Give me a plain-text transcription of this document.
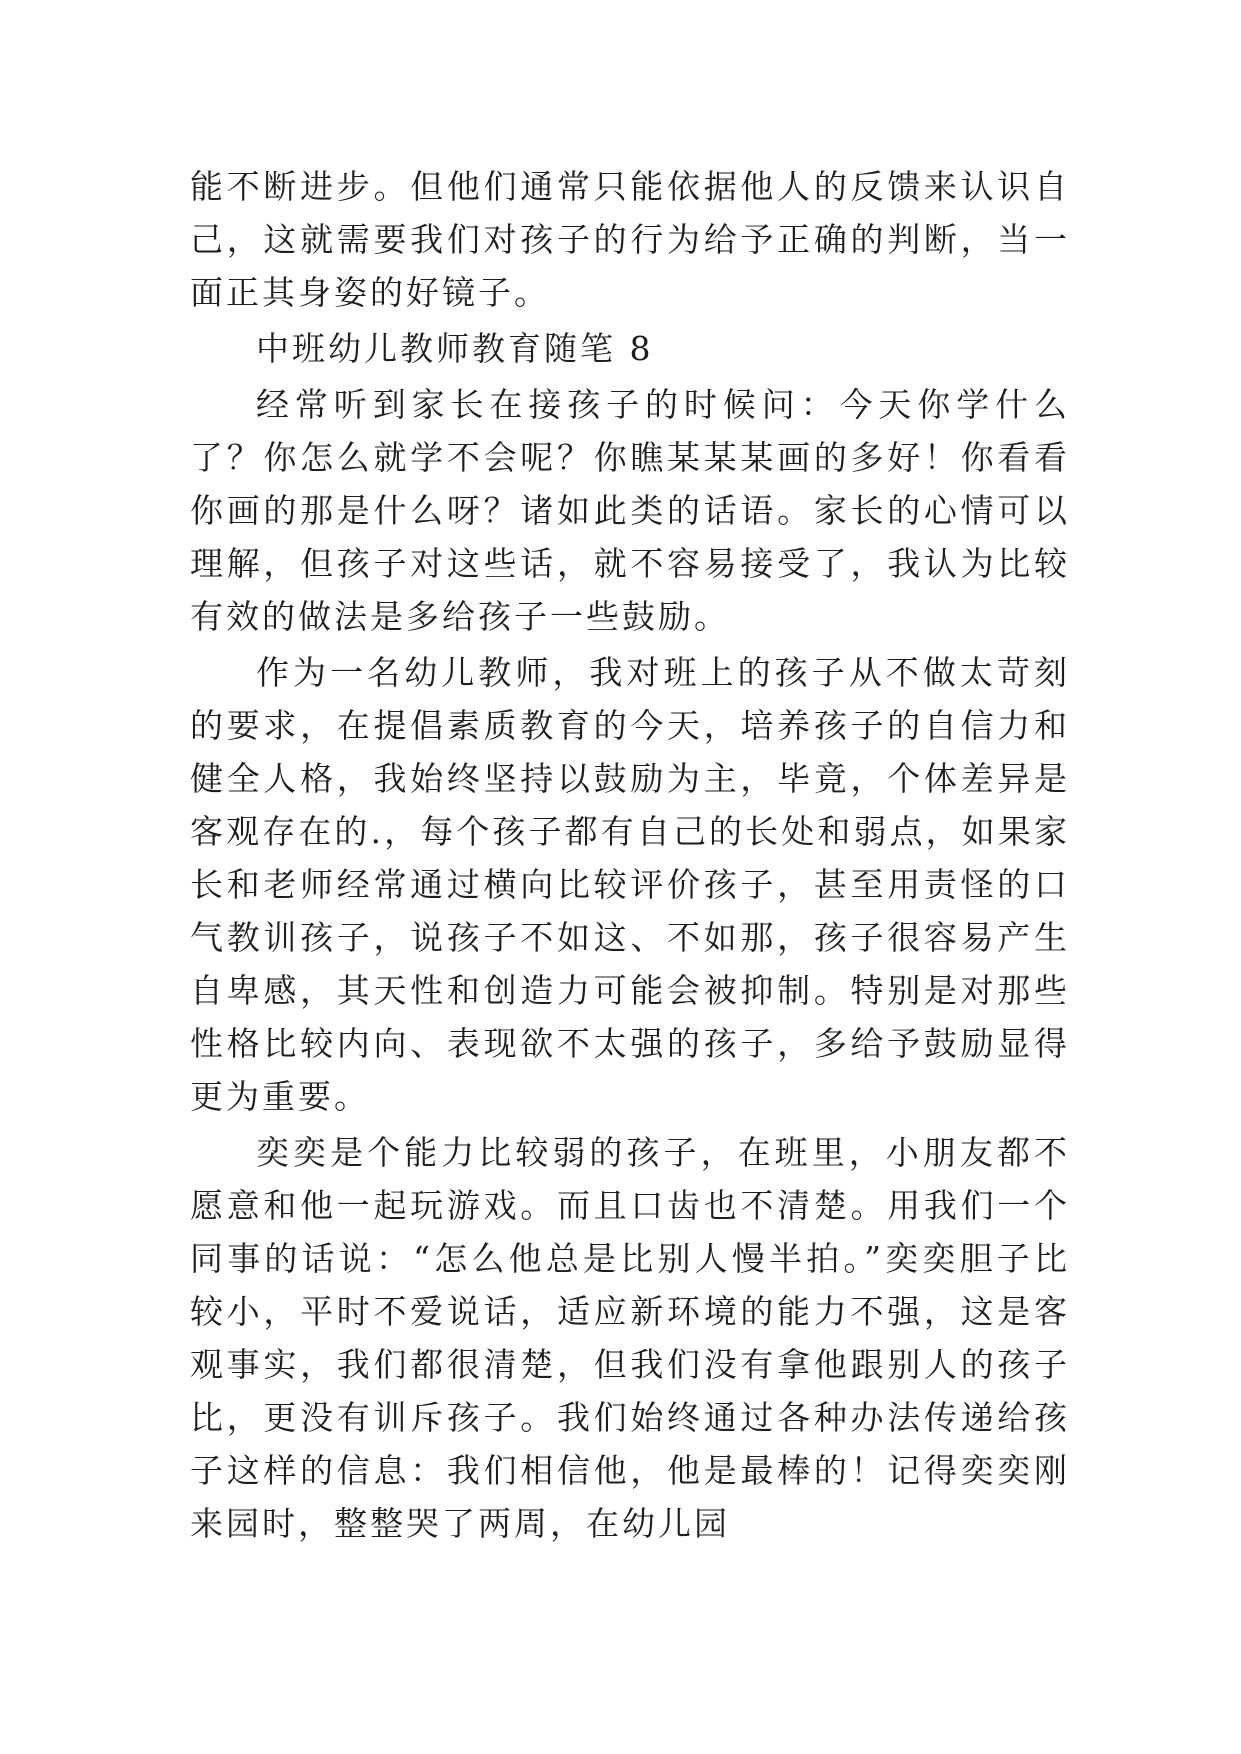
能不断进步。但他们通常只能依据他人的反馈来认识自己，这就需要我们对孩子的行为给予正确的判断，当一面正其身姿的好镜子。

中班幼儿教师教育随笔 8

经常听到家长在接孩子的时候问：今天你学什么了？你怎么就学不会呢？你瞧某某某画的多好！你看看你画的那是什么呀？诸如此类的话语。家长的心情可以理解，但孩子对这些话，就不容易接受了，我认为比较有效的做法是多给孩子一些鼓励。

作为一名幼儿教师，我对班上的孩子从不做太苛刻的要求，在提倡素质教育的今天，培养孩子的自信力和健全人格，我始终坚持以鼓励为主，毕竟，个体差异是客观存在的.，每个孩子都有自己的长处和弱点，如果家长和老师经常通过横向比较评价孩子，甚至用责怪的口气教训孩子，说孩子不如这、不如那，孩子很容易产生自卑感，其天性和创造力可能会被抑制。特别是对那些性格比较内向、表现欲不太强的孩子，多给予鼓励显得更为重要。

奕奕是个能力比较弱的孩子，在班里，小朋友都不愿意和他一起玩游戏。而且口齿也不清楚。用我们一个同事的话说：“怎么他总是比别人慢半拍。”奕奕胆子比较小，平时不爱说话，适应新环境的能力不强，这是客观事实，我们都很清楚，但我们没有拿他跟别人的孩子比，更没有训斥孩子。我们始终通过各种办法传递给孩子这样的信息：我们相信他，他是最棒的！记得奕奕刚来园时，整整哭了两周，在幼儿园
